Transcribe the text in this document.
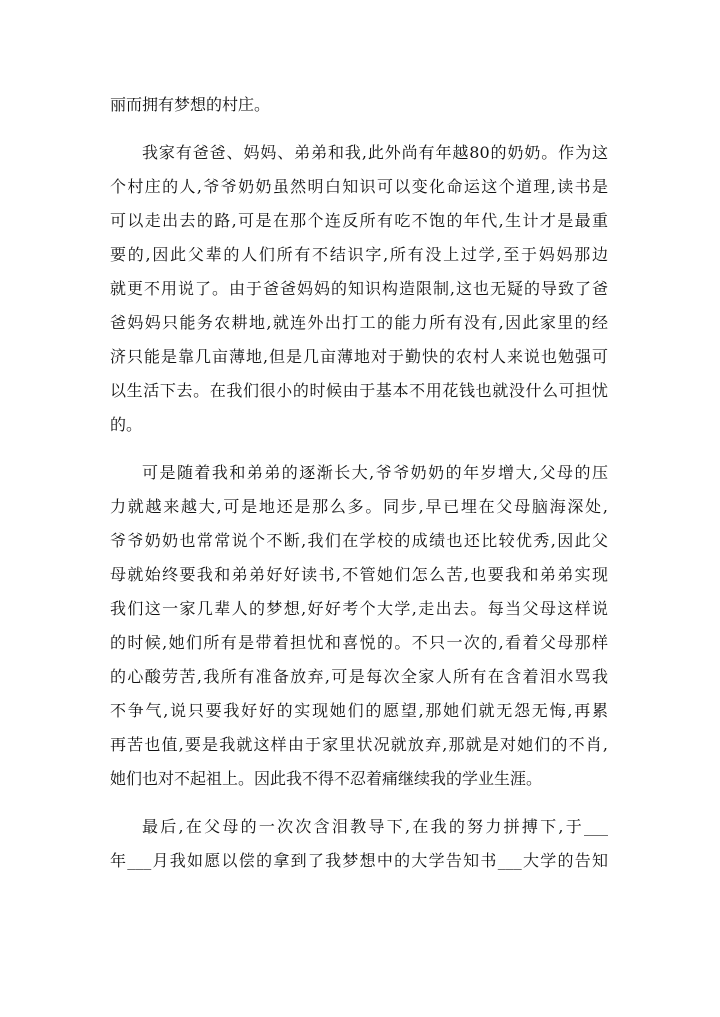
丽而拥有梦想的村庄。
我家有爸爸、妈妈、弟弟和我,此外尚有年越80的奶奶。作为这
个村庄的人,爷爷奶奶虽然明白知识可以变化命运这个道理,读书是
可以走出去的路,可是在那个连反所有吃不饱的年代,生计才是最重
要的,因此父辈的人们所有不结识字,所有没上过学,至于妈妈那边
就更不用说了。由于爸爸妈妈的知识构造限制,这也无疑的导致了爸
爸妈妈只能务农耕地,就连外出打工的能力所有没有,因此家里的经
济只能是靠几亩薄地,但是几亩薄地对于勤快的农村人来说也勉强可
以生活下去。在我们很小的时候由于基本不用花钱也就没什么可担忧
的。
可是随着我和弟弟的逐渐长大,爷爷奶奶的年岁增大,父母的压
力就越来越大,可是地还是那么多。同步,早已埋在父母脑海深处,
爷爷奶奶也常常说个不断,我们在学校的成绩也还比较优秀,因此父
母就始终要我和弟弟好好读书,不管她们怎么苦,也要我和弟弟实现
我们这一家几辈人的梦想,好好考个大学,走出去。每当父母这样说
的时候,她们所有是带着担忧和喜悦的。不只一次的,看着父母那样
的心酸劳苦,我所有准备放弃,可是每次全家人所有在含着泪水骂我
不争气,说只要我好好的实现她们的愿望,那她们就无怨无悔,再累
再苦也值,要是我就这样由于家里状况就放弃,那就是对她们的不肖,
她们也对不起祖上。因此我不得不忍着痛继续我的学业生涯。
最后,在父母的一次次含泪教导下,在我的努力拼搏下,于___
年___月我如愿以偿的拿到了我梦想中的大学告知书___大学的告知
